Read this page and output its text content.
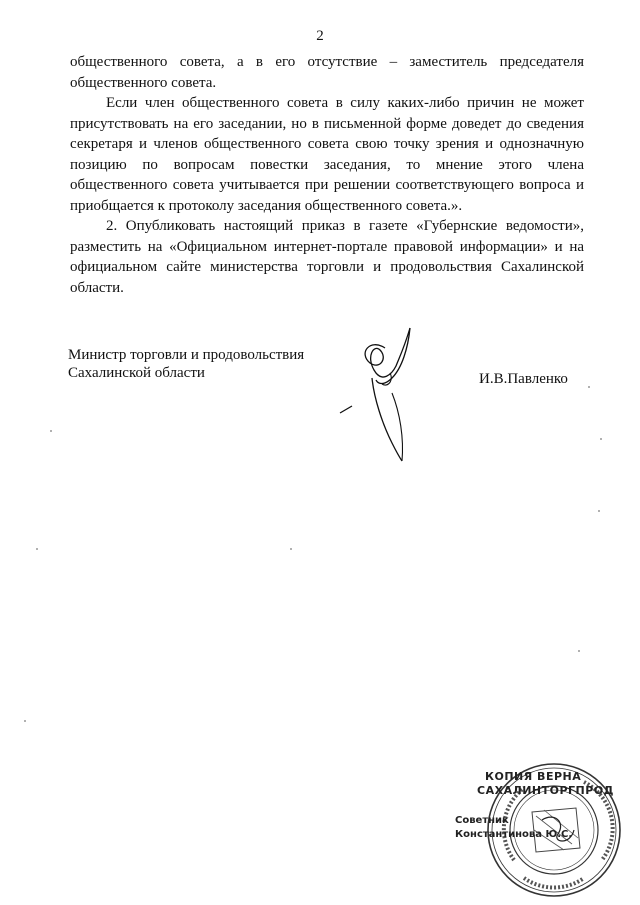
2

общественного совета, а в его отсутствие – заместитель председателя общественного совета.

Если член общественного совета в силу каких-либо причин не может присутствовать на его заседании, но в письменной форме доведет до сведения секретаря и членов общественного совета свою точку зрения и однозначную позицию по вопросам повестки заседания, то мнение этого члена общественного совета учитывается при решении соответствующего вопроса и приобщается к протоколу заседания общественного совета.».

2. Опубликовать настоящий приказ в газете «Губернские ведомости», разместить на «Официальном интернет-портале правовой информации» и на официальном сайте министерства торговли и продовольствия Сахалинской области.

Министр торговли и продовольствия
Сахалинской области	И.В.Павленко
КОПИЯ ВЕРНА
САХАЛИНТОРГПРОД
Советник
Константинова Ю.С.
